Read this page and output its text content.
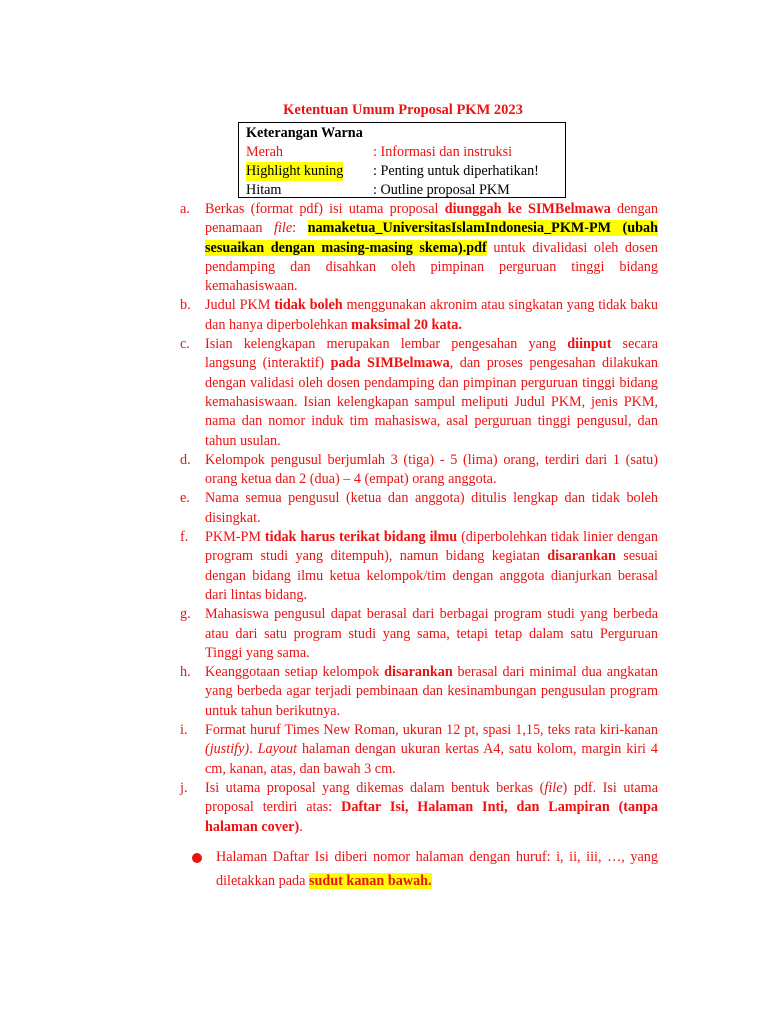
Ketentuan Umum Proposal PKM 2023
Keterangan Warna
Merah	: Informasi dan instruksi
Highlight kuning : Penting untuk diperhatikan!
Hitam	: Outline proposal PKM
a. Berkas (format pdf) isi utama proposal diunggah ke SIMBelmawa dengan penamaan file: namaketua_UniversitasIslamIndonesia_PKM-PM (ubah sesuaikan dengan masing-masing skema).pdf untuk divalidasi oleh dosen pendamping dan disahkan oleh pimpinan perguruan tinggi bidang kemahasiswaan.
b. Judul PKM tidak boleh menggunakan akronim atau singkatan yang tidak baku dan hanya diperbolehkan maksimal 20 kata.
c. Isian kelengkapan merupakan lembar pengesahan yang diinput secara langsung (interaktif) pada SIMBelmawa, dan proses pengesahan dilakukan dengan validasi oleh dosen pendamping dan pimpinan perguruan tinggi bidang kemahasiswaan. Isian kelengkapan sampul meliputi Judul PKM, jenis PKM, nama dan nomor induk tim mahasiswa, asal perguruan tinggi pengusul, dan tahun usulan.
d. Kelompok pengusul berjumlah 3 (tiga) - 5 (lima) orang, terdiri dari 1 (satu) orang ketua dan 2 (dua) – 4 (empat) orang anggota.
e. Nama semua pengusul (ketua dan anggota) ditulis lengkap dan tidak boleh disingkat.
f. PKM-PM tidak harus terikat bidang ilmu (diperbolehkan tidak linier dengan program studi yang ditempuh), namun bidang kegiatan disarankan sesuai dengan bidang ilmu ketua kelompok/tim dengan anggota dianjurkan berasal dari lintas bidang.
g. Mahasiswa pengusul dapat berasal dari berbagai program studi yang berbeda atau dari satu program studi yang sama, tetapi tetap dalam satu Perguruan Tinggi yang sama.
h. Keanggotaan setiap kelompok disarankan berasal dari minimal dua angkatan yang berbeda agar terjadi pembinaan dan kesinambungan pengusulan program untuk tahun berikutnya.
i. Format huruf Times New Roman, ukuran 12 pt, spasi 1,15, teks rata kiri-kanan (justify). Layout halaman dengan ukuran kertas A4, satu kolom, margin kiri 4 cm, kanan, atas, dan bawah 3 cm.
j. Isi utama proposal yang dikemas dalam bentuk berkas (file) pdf. Isi utama proposal terdiri atas: Daftar Isi, Halaman Inti, dan Lampiran (tanpa halaman cover).
Halaman Daftar Isi diberi nomor halaman dengan huruf: i, ii, iii, …, yang diletakkan pada sudut kanan bawah.
